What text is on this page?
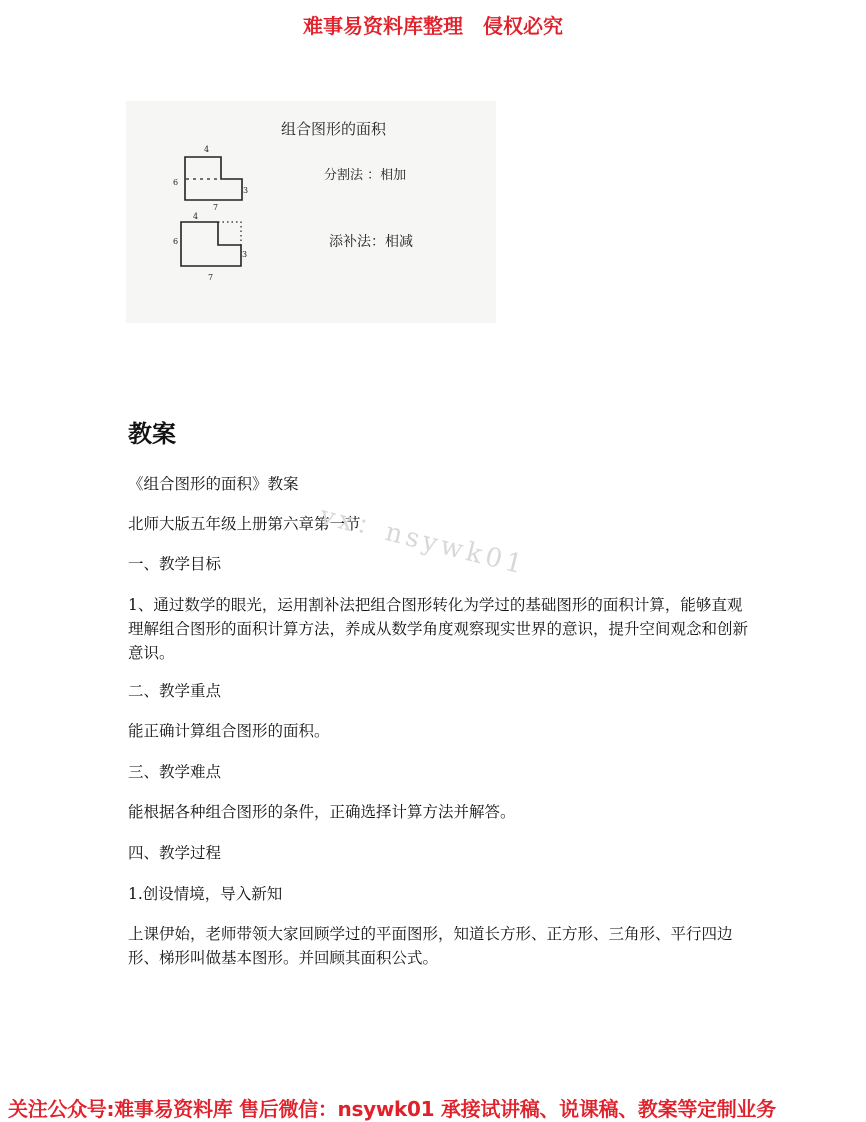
难事易资料库整理　侵权必究
组合图形的面积
分割法 ：相加
添补法：相减
4
6
3
7
4
6
3
7
教案
《组合图形的面积》教案
北师大版五年级上册第六章第一节
一、教学目标
1、通过数学的眼光，运用割补法把组合图形转化为学过的基础图形的面积计算，能够直观理解组合图形的面积计算方法，养成从数学角度观察现实世界的意识，提升空间观念和创新意识。
二、教学重点
能正确计算组合图形的面积。
三、教学难点
能根据各种组合图形的条件，正确选择计算方法并解答。
四、教学过程
1.创设情境，导入新知
上课伊始，老师带领大家回顾学过的平面图形，知道长方形、正方形、三角形、平行四边形、梯形叫做基本图形。并回顾其面积公式。
vx：nsywk01
关注公众号:难事易资料库 售后微信：nsywk01 承接试讲稿、说课稿、教案等定制业务
